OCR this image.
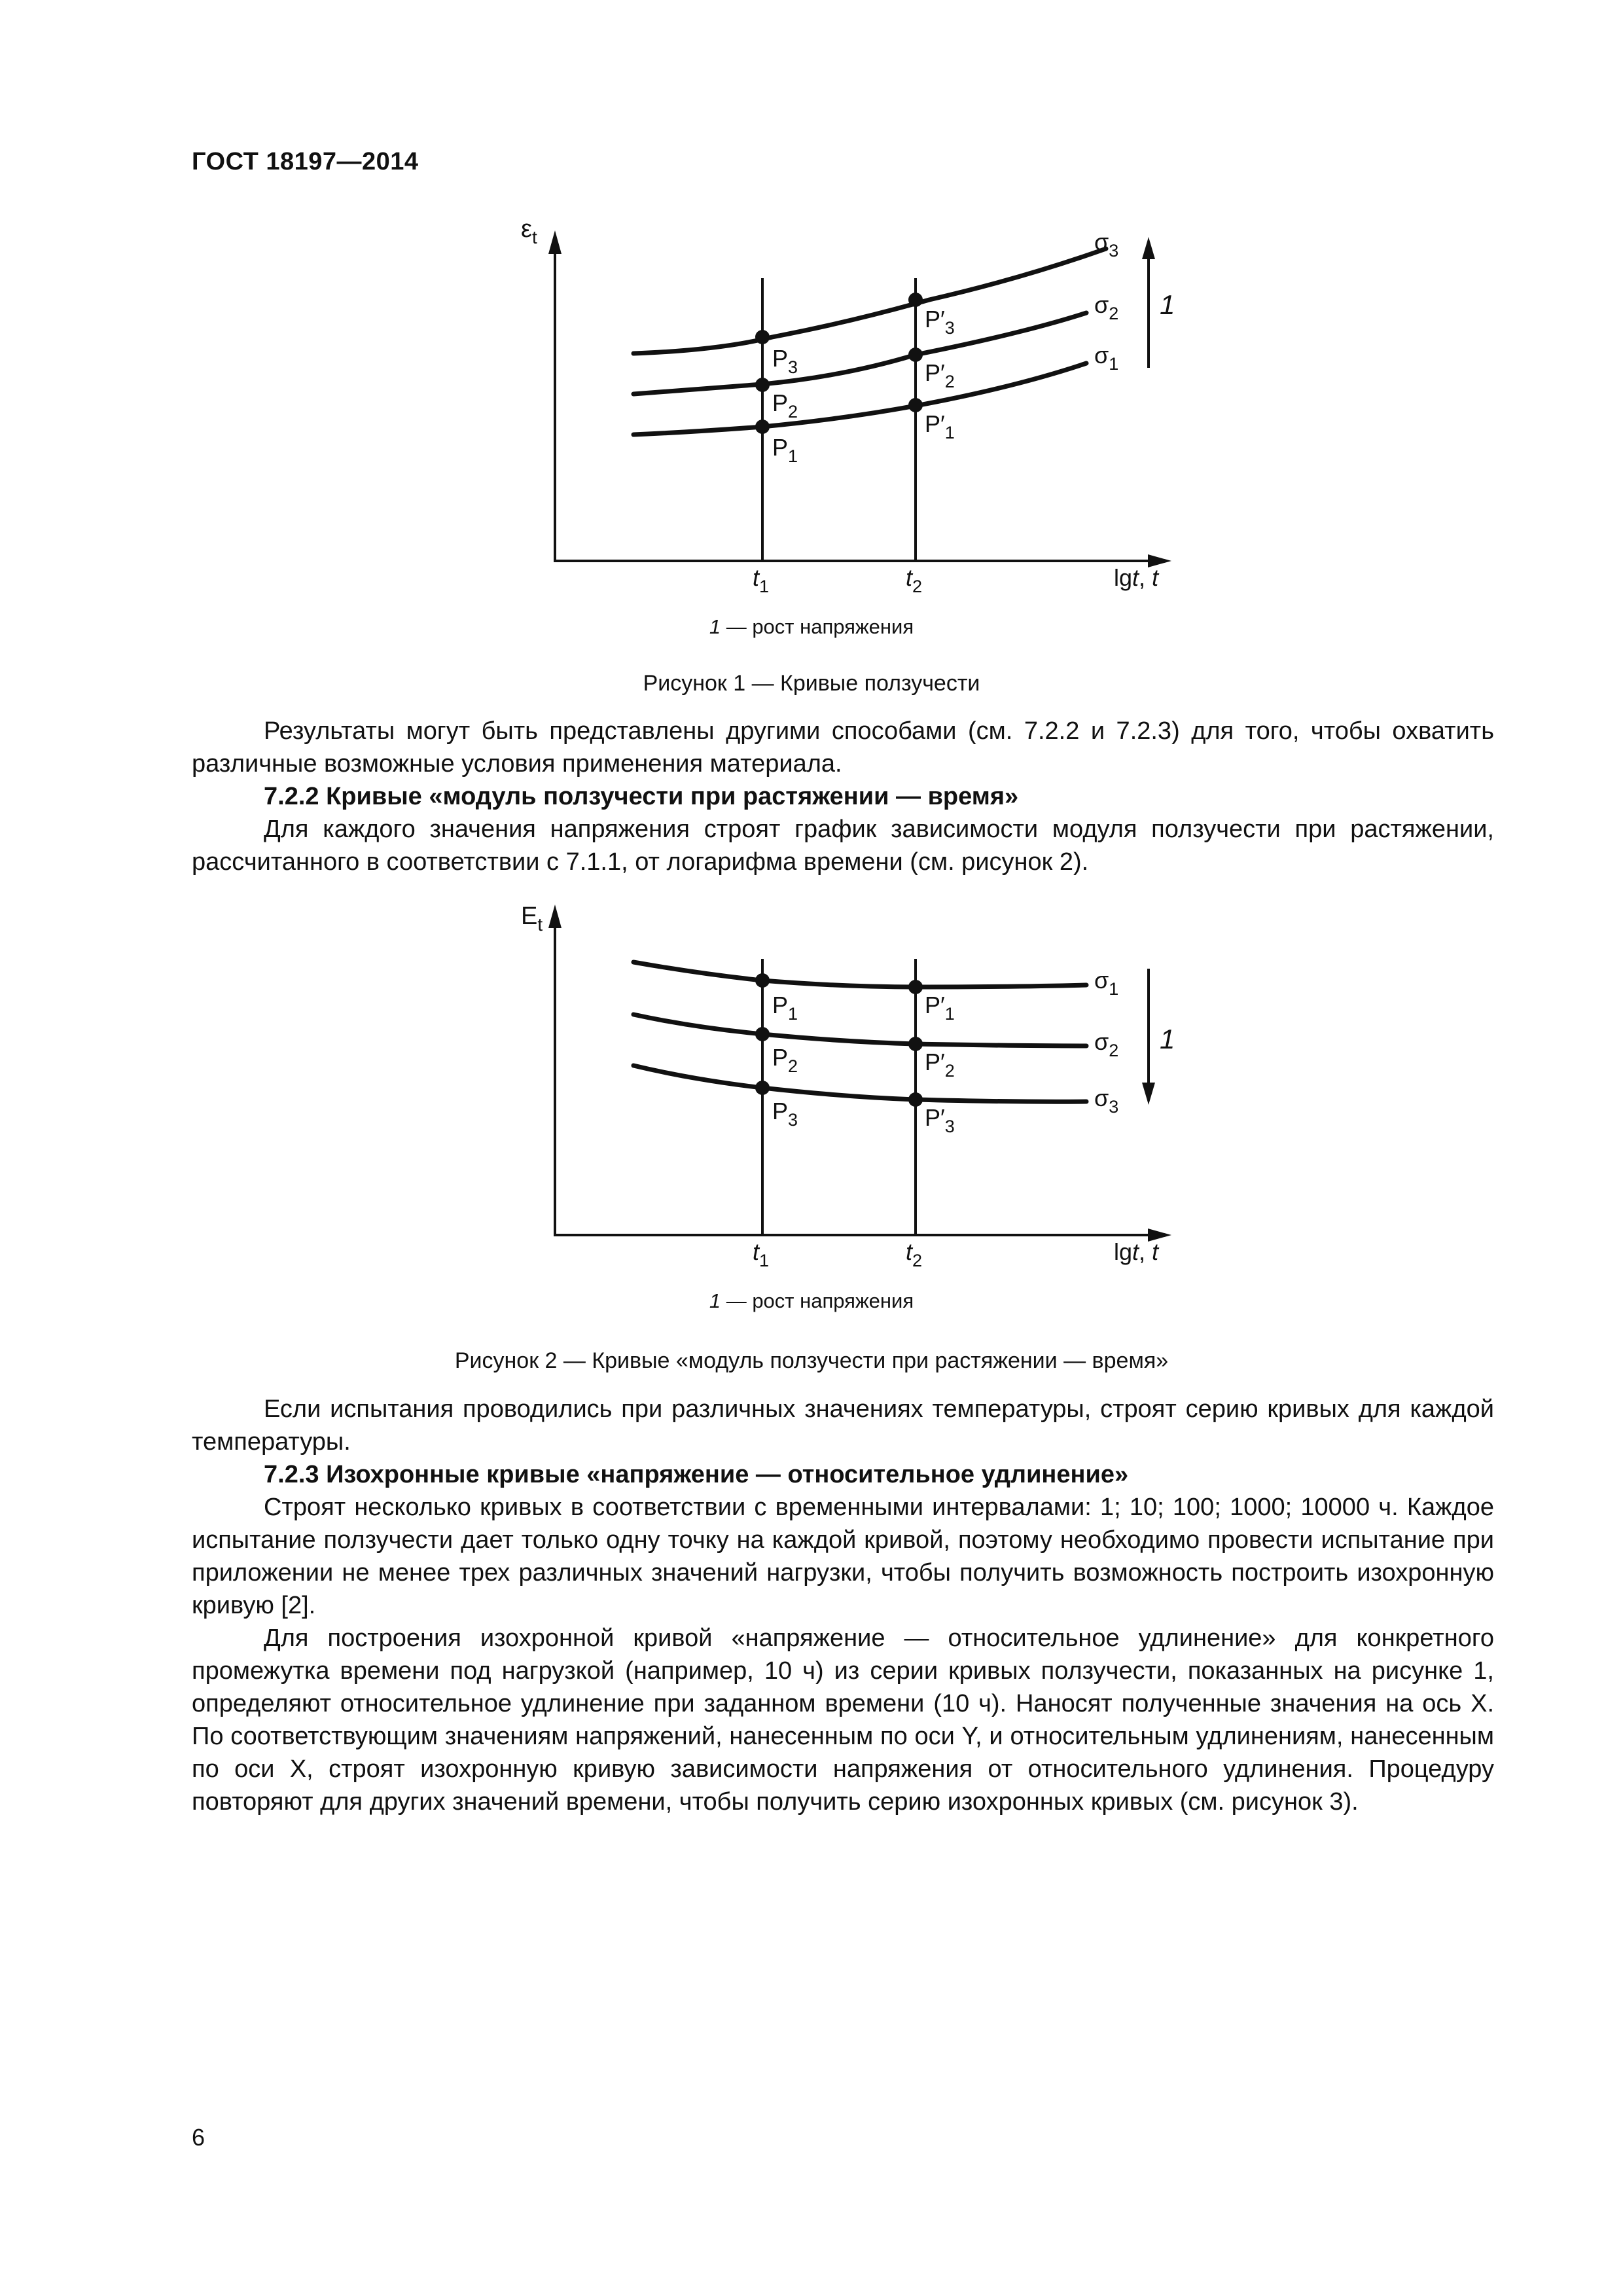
ГОСТ 18197—2014
$\varepsilon_t$
$P_3$
$P_2$
$P_1$
$P'_3$
$P'_2$
$P'_1$
$\sigma_3$
$\sigma_2$
$\sigma_1$
1
$t_1$	$t_2$	lgt, t
1 — рост напряжения
Рисунок 1 — Кривые ползучести
Результаты могут быть представлены другими способами (см. 7.2.2 и 7.2.3) для того, чтобы охватить различные возможные условия применения материала.
7.2.2 Кривые «модуль ползучести при растяжении — время»
Для каждого значения напряжения строят график зависимости модуля ползучести при растяжении, рассчитанного в соответствии с 7.1.1, от логарифма времени (см. рисунок 2).
$E_t$
$P_1$
$P_2$
$P_3$
$P'_1$
$P'_2$
$P'_3$
$\sigma_1$
$\sigma_2$
$\sigma_3$
1
$t_1$	$t_2$	lgt, t
1 — рост напряжения
Рисунок 2 — Кривые «модуль ползучести при растяжении — время»
Если испытания проводились при различных значениях температуры, строят серию кривых для каждой температуры.
7.2.3 Изохронные кривые «напряжение — относительное удлинение»
Строят несколько кривых в соответствии с временными интервалами: 1; 10; 100; 1000; 10000 ч. Каждое испытание ползучести дает только одну точку на каждой кривой, поэтому необходимо провести испытание при приложении не менее трех различных значений нагрузки, чтобы получить возможность построить изохронную кривую [2].
Для построения изохронной кривой «напряжение — относительное удлинение» для конкретного промежутка времени под нагрузкой (например, 10 ч) из серии кривых ползучести, показанных на рисунке 1, определяют относительное удлинение при заданном времени (10 ч). Наносят полученные значения на ось X. По соответствующим значениям напряжений, нанесенным по оси Y, и относительным удлинениям, нанесенным по оси X, строят изохронную кривую зависимости напряжения от относительного удлинения. Процедуру повторяют для других значений времени, чтобы получить серию изохронных кривых (см. рисунок 3).
6
